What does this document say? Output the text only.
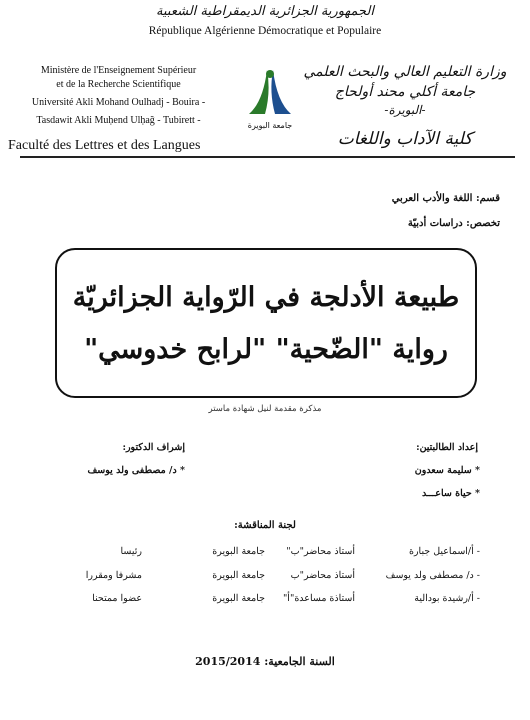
الجمهورية الجزائرية الديمقراطية الشعبية
République Algérienne Démocratique et Populaire
Ministère de l'Enseignement Supérieur
et de la Recherche Scientifique
Université Akli Mohand Oulhadj - Bouira -
Tasdawit Akli Muḥend Ulḥağ - Tubirett -
Faculté des Lettres et des Langues
جامعة البويرة
وزارة التعليم العالي والبحث العلمي
جامعة أكلي محند أولحاج
-البويرة-
كلية الآداب واللغات
قسم: اللغة والأدب العربي
تخصص: دراسات أدبيّة
طبيعة الأدلجة في الرّواية الجزائريّة
رواية "الضّحية" "لرابح خدوسي"
مذكرة مقدمة لنيل شهادة ماستر
إعداد الطالبتين:
* سليمة سعدون
* حياة ساعـــد
إشراف الدكتور:
* د/ مصطفى ولد يوسف
لجنة المناقشة:
- أ/اسماعيل جبارة
أستاذ محاضر"ب"
جامعة البويرة
رئيسا
- د/ مصطفى ولد يوسف
أستاذ محاضر"ب
جامعة البويرة
مشرفا ومقررا
- أ/رشيدة بودالية
أستاذة مساعدة"أ"
جامعة البويرة
عضوا ممتحنا
السنة الجامعية: 2015/2014
